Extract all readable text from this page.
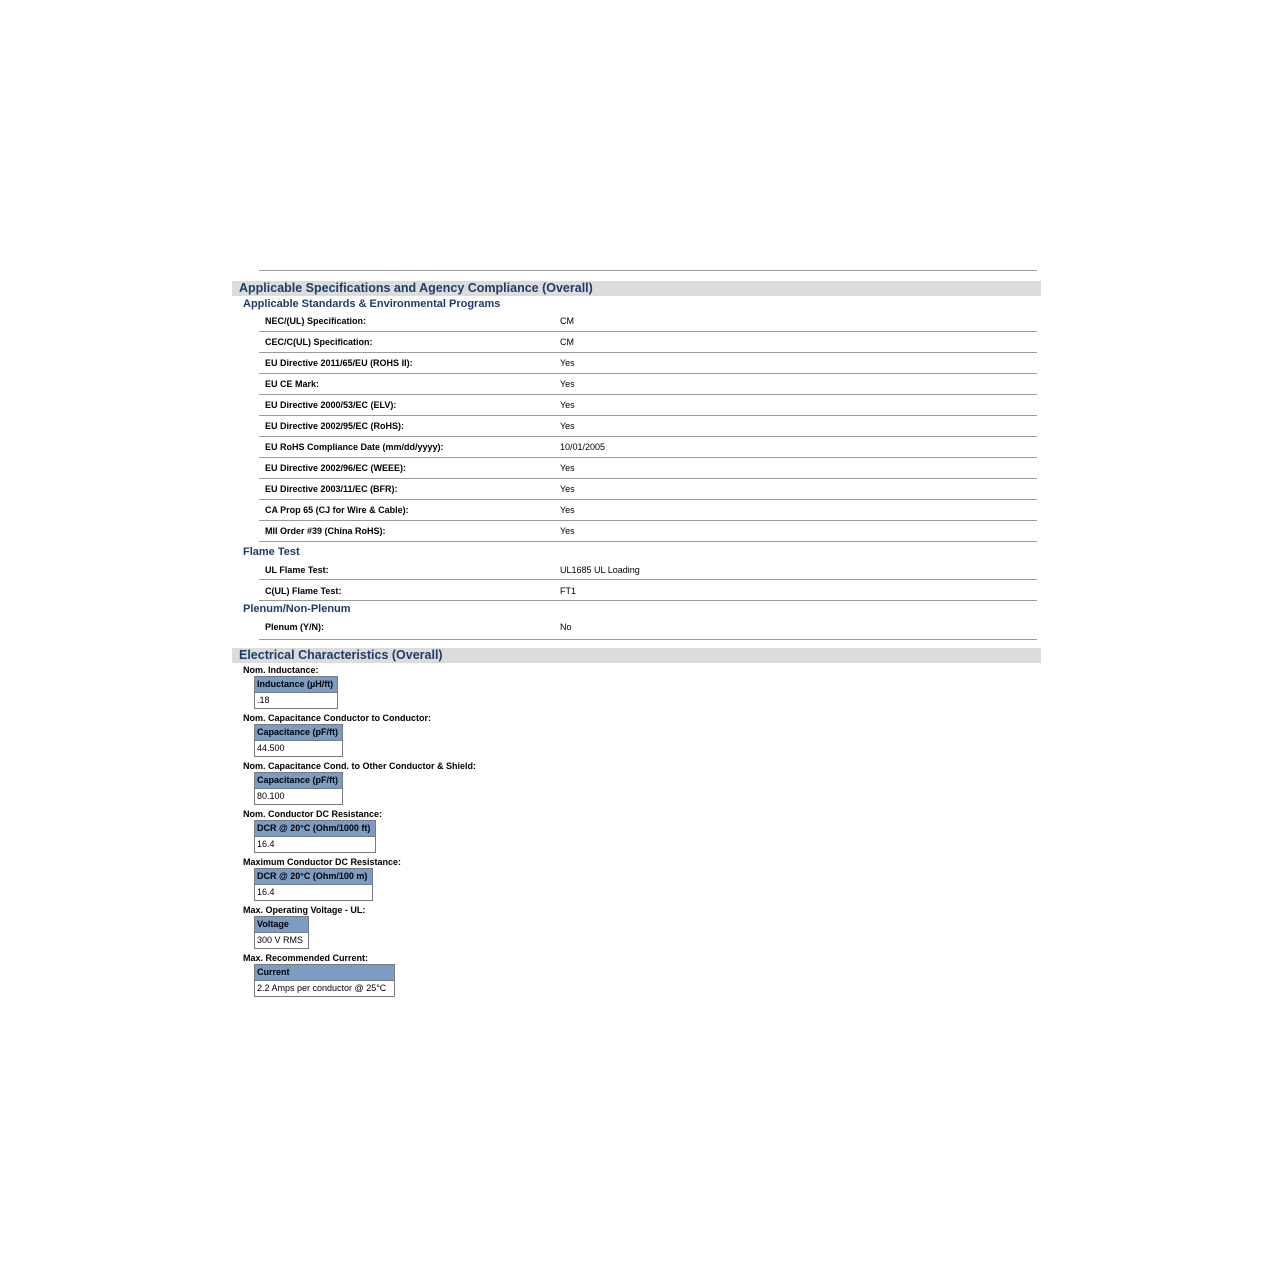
Applicable Specifications and Agency Compliance (Overall)
Applicable Standards & Environmental Programs
NEC/(UL) Specification:	CM
CEC/C(UL) Specification:	CM
EU Directive 2011/65/EU (ROHS II):	Yes
EU CE Mark:	Yes
EU Directive 2000/53/EC (ELV):	Yes
EU Directive 2002/95/EC (RoHS):	Yes
EU RoHS Compliance Date (mm/dd/yyyy):	10/01/2005
EU Directive 2002/96/EC (WEEE):	Yes
EU Directive 2003/11/EC (BFR):	Yes
CA Prop 65 (CJ for Wire & Cable):	Yes
MII Order #39 (China RoHS):	Yes
Flame Test
UL Flame Test:	UL1685 UL Loading
C(UL) Flame Test:	FT1
Plenum/Non-Plenum
Plenum (Y/N):	No
Electrical Characteristics (Overall)
Nom. Inductance:
Inductance (µH/ft)
.18
Nom. Capacitance Conductor to Conductor:
Capacitance (pF/ft)
44.500
Nom. Capacitance Cond. to Other Conductor & Shield:
Capacitance (pF/ft)
80.100
Nom. Conductor DC Resistance:
DCR @ 20°C (Ohm/1000 ft)
16.4
Maximum Conductor DC Resistance:
DCR @ 20°C (Ohm/100 m)
16.4
Max. Operating Voltage - UL:
Voltage
300 V RMS
Max. Recommended Current:
Current
2.2 Amps per conductor @ 25°C
